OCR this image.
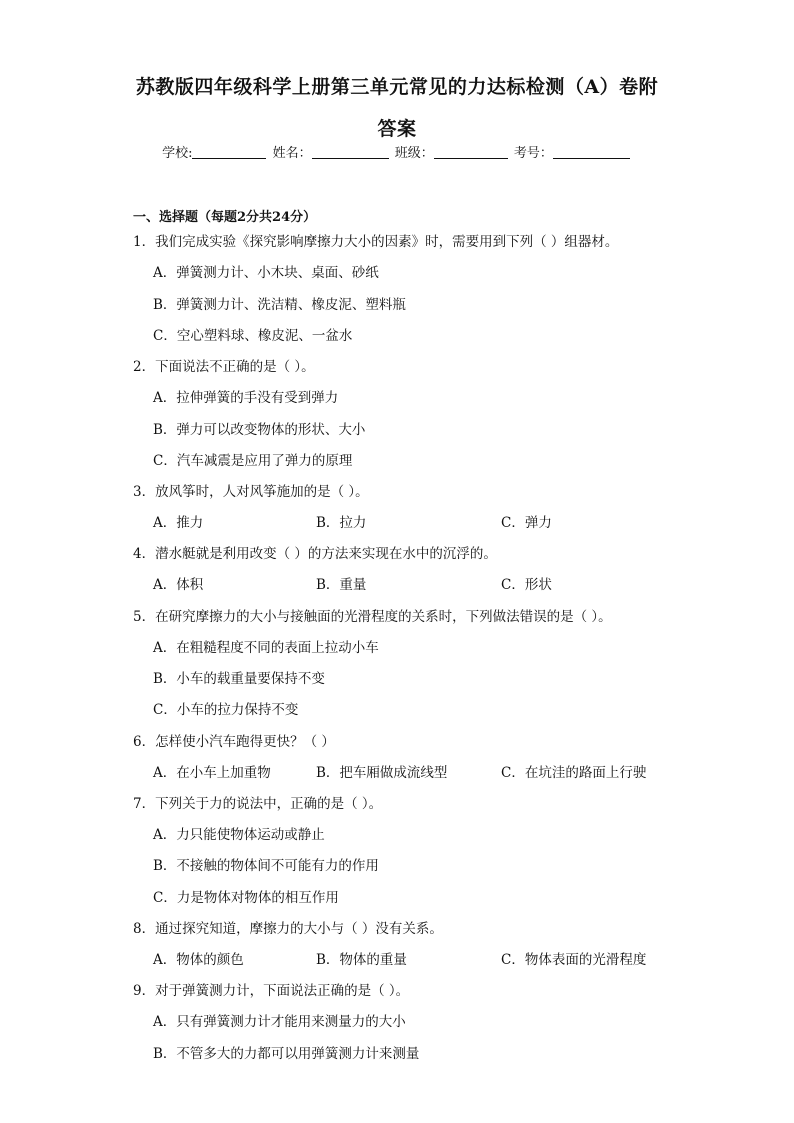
苏教版四年级科学上册第三单元常见的力达标检测（A）卷附
答案
学校:	姓名：	班级：	考号：
一、选择题（每题2分共24分）
1．我们完成实验《探究影响摩擦力大小的因素》时，需要用到下列（ ）组器材。
A．弹簧测力计、小木块、桌面、砂纸
B．弹簧测力计、洗洁精、橡皮泥、塑料瓶
C．空心塑料球、橡皮泥、一盆水
2．下面说法不正确的是（ ）。
A．拉伸弹簧的手没有受到弹力
B．弹力可以改变物体的形状、大小
C．汽车减震是应用了弹力的原理
3．放风筝时，人对风筝施加的是（ ）。
A．推力	B．拉力	C．弹力
4．潜水艇就是利用改变（ ）的方法来实现在水中的沉浮的。
A．体积	B．重量	C．形状
5．在研究摩擦力的大小与接触面的光滑程度的关系时，下列做法错误的是（ ）。
A．在粗糙程度不同的表面上拉动小车
B．小车的载重量要保持不变
C．小车的拉力保持不变
6．怎样使小汽车跑得更快？（ ）
A．在小车上加重物	B．把车厢做成流线型	C．在坑洼的路面上行驶
7．下列关于力的说法中，正确的是（ ）。
A．力只能使物体运动或静止
B．不接触的物体间不可能有力的作用
C．力是物体对物体的相互作用
8．通过探究知道，摩擦力的大小与（ ）没有关系。
A．物体的颜色	B．物体的重量	C．物体表面的光滑程度
9．对于弹簧测力计，下面说法正确的是（ ）。
A．只有弹簧测力计才能用来测量力的大小
B．不管多大的力都可以用弹簧测力计来测量
